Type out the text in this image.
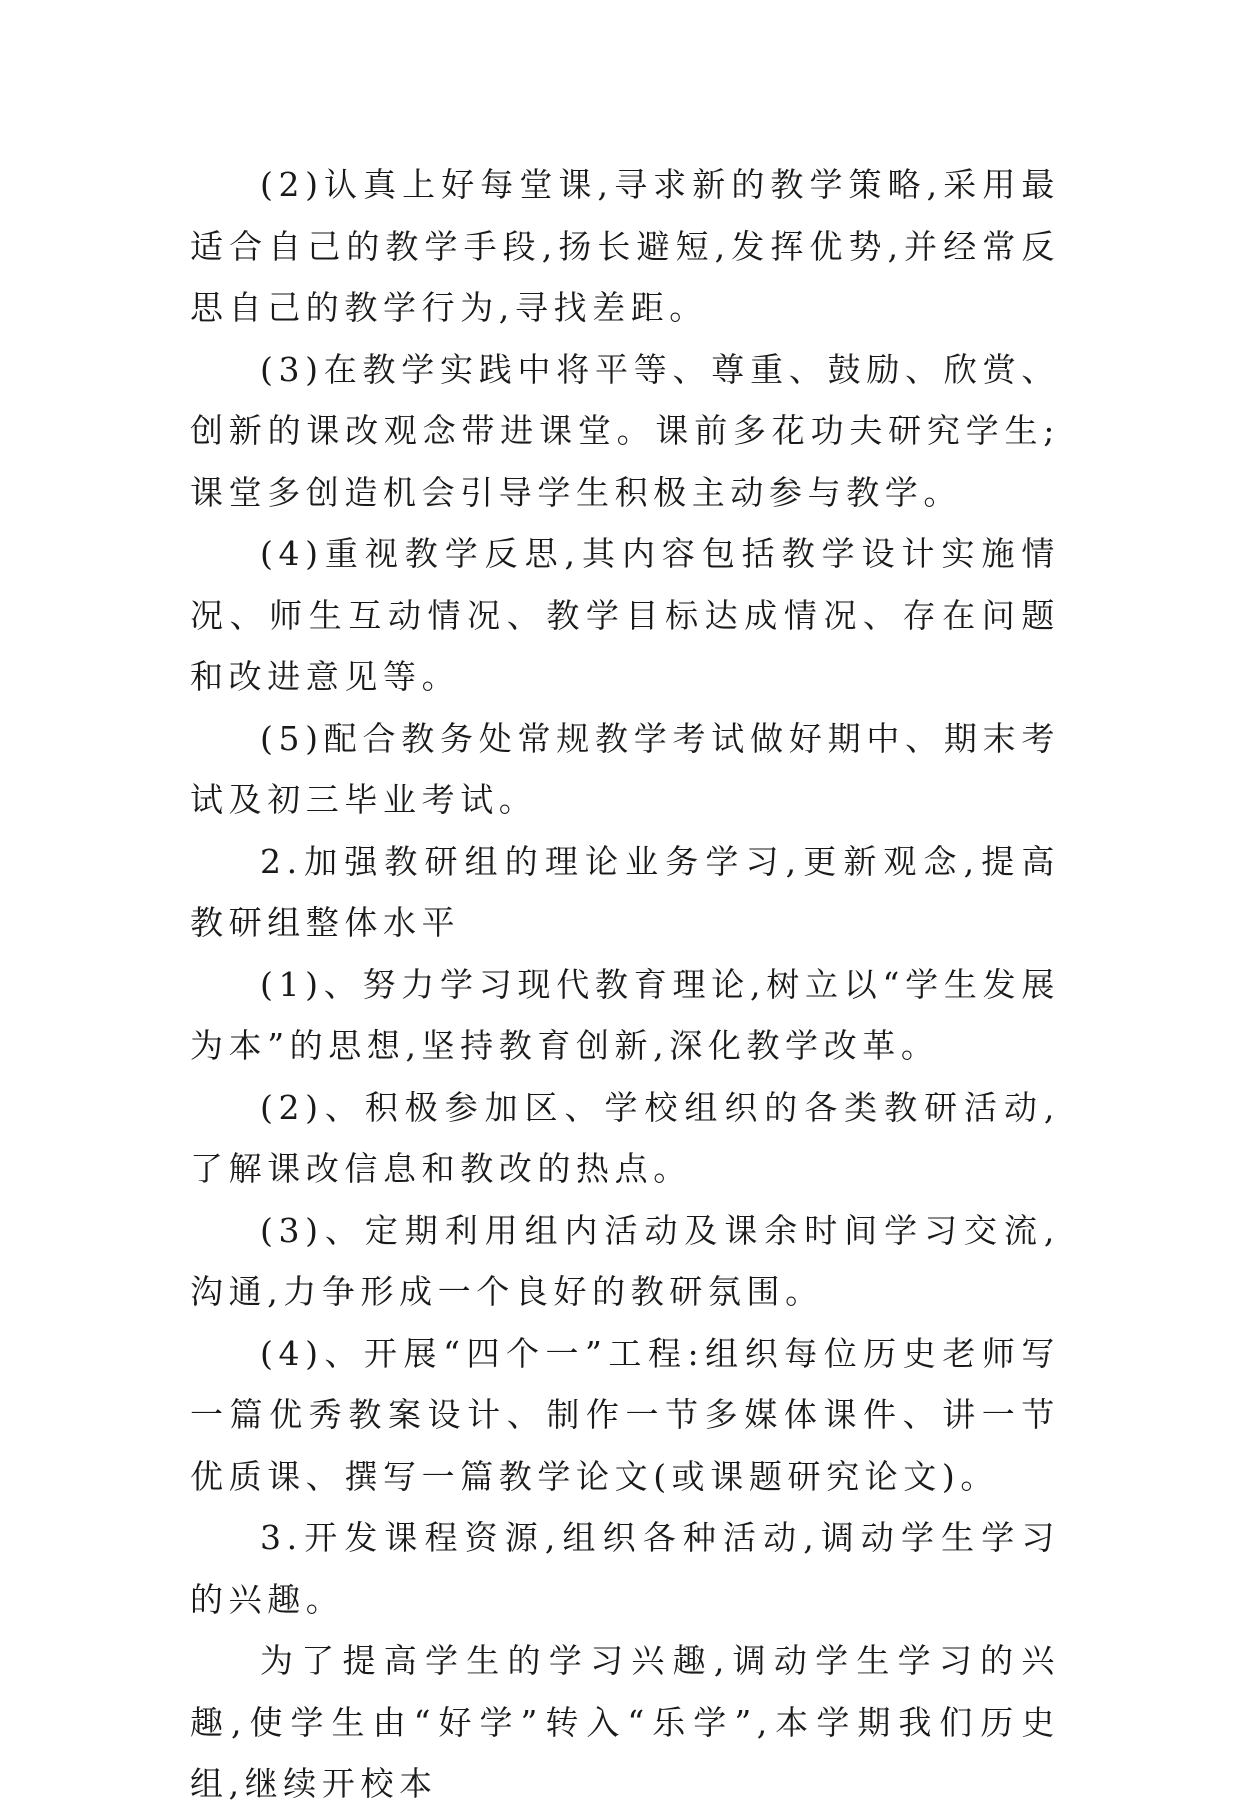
(2)认真上好每堂课,寻求新的教学策略,采用最适合自己的教学手段,扬长避短,发挥优势,并经常反思自己的教学行为,寻找差距。

(3)在教学实践中将平等、尊重、鼓励、欣赏、创新的课改观念带进课堂。课前多花功夫研究学生;课堂多创造机会引导学生积极主动参与教学。

(4)重视教学反思,其内容包括教学设计实施情况、师生互动情况、教学目标达成情况、存在问题和改进意见等。

(5)配合教务处常规教学考试做好期中、期末考试及初三毕业考试。

2.加强教研组的理论业务学习,更新观念,提高教研组整体水平

(1)、努力学习现代教育理论,树立以“学生发展为本”的思想,坚持教育创新,深化教学改革。

(2)、积极参加区、学校组织的各类教研活动,了解课改信息和教改的热点。

(3)、定期利用组内活动及课余时间学习交流,沟通,力争形成一个良好的教研氛围。

(4)、开展“四个一”工程:组织每位历史老师写一篇优秀教案设计、制作一节多媒体课件、讲一节优质课、撰写一篇教学论文(或课题研究论文)。

3.开发课程资源,组织各种活动,调动学生学习的兴趣。

为了提高学生的学习兴趣,调动学生学习的兴趣,使学生由“好学”转入“乐学”,本学期我们历史组,继续开校本
